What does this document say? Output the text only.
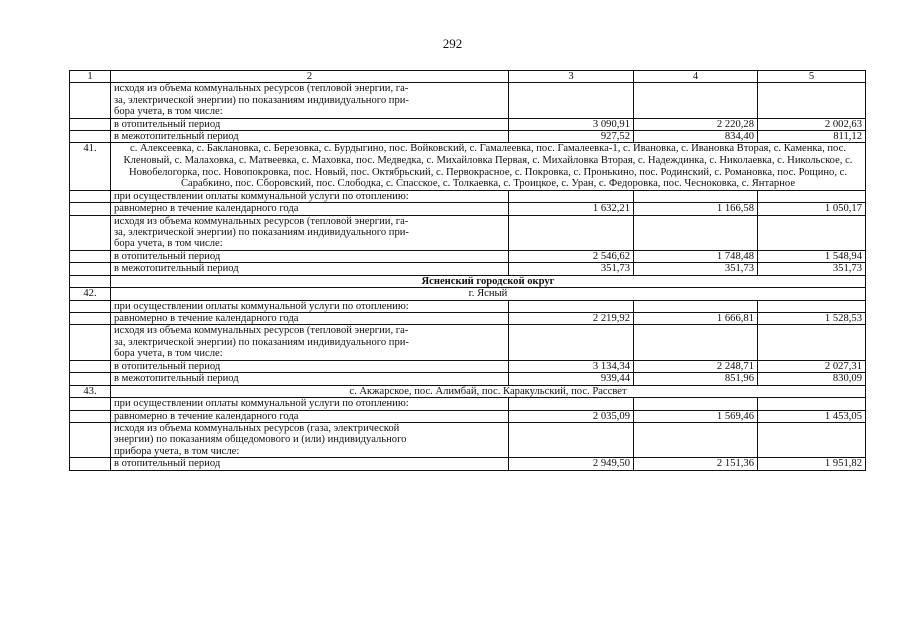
292
1	2	3	4	5
	исходя из объема коммунальных ресурсов (тепловой энергии, га-
за, электрической энергии) по показаниям индивидуального при-
бора учета, в том числе:			
	в отопительный период	3 090,91	2 220,28	2 002,63
	в межотопительный период	927,52	834,40	811,12
41.	с. Алексеевка, с. Баклановка, с. Березовка, с. Бурдыгино, пос. Войковский, с. Гамалеевка, пос. Гамалеевка-1, с. Ивановка, с. Ивановка Вторая, с. Каменка, пос. Кленовый, с. Малаховка, с. Матвеевка, с. Маховка, пос. Медведка, с. Михайловка Первая, с. Михайловка Вторая, с. Надеждинка, с. Николаевка, с. Никольское, с. Новобелогорка, пос. Новопокровка, пос. Новый, пос. Октябрьский, с. Первокрасное, с. Покровка, с. Пронькино, пос. Родинский, с. Романовка, пос. Рощино, с. Сарабкино, пос. Сборовский, пос. Слободка, с. Спасское, с. Толкаевка, с. Троицкое, с. Уран, с. Федоровка, пос. Чесноковка, с. Янтарное			
	при осуществлении оплаты коммунальной услуги по отоплению:			
	равномерно в течение календарного года	1 632,21	1 166,58	1 050,17
	исходя из объема коммунальных ресурсов (тепловой энергии, га-
за, электрической энергии) по показаниям индивидуального при-
бора учета, в том числе:			
	в отопительный период	2 546,62	1 748,48	1 548,94
	в межотопительный период	351,73	351,73	351,73
	Ясненский городской округ			
42.	г. Ясный			
	при осуществлении оплаты коммунальной услуги по отоплению:			
	равномерно в течение календарного года	2 219,92	1 666,81	1 528,53
	исходя из объема коммунальных ресурсов (тепловой энергии, га-
за, электрической энергии) по показаниям индивидуального при-
бора учета, в том числе:			
	в отопительный период	3 134,34	2 248,71	2 027,31
	в межотопительный период	939,44	851,96	830,09
43.	с. Акжарское, пос. Алимбай, пос. Каракульский, пос. Рассвет			
	при осуществлении оплаты коммунальной услуги по отоплению:			
	равномерно в течение календарного года	2 035,09	1 569,46	1 453,05
	исходя из объема коммунальных ресурсов (газа, электрической
энергии) по показаниям общедомового и (или) индивидуального
прибора учета, в том числе:			
	в отопительный период	2 949,50	2 151,36	1 951,82
